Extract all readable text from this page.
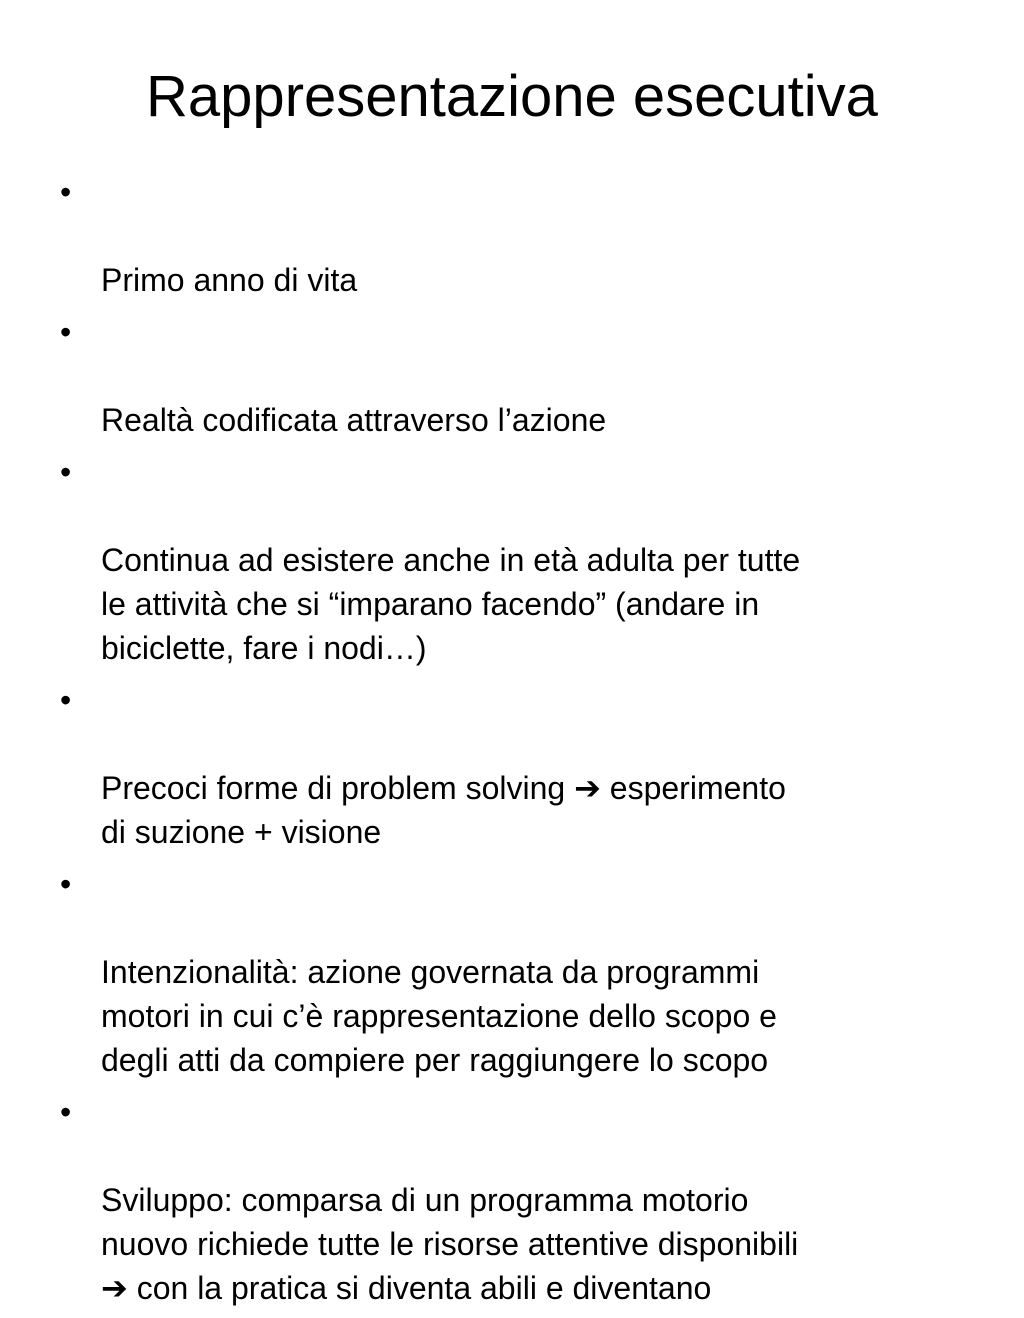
Rappresentazione esecutiva

•

Primo anno di vita

•

Realtà codificata attraverso l’azione

•

Continua ad esistere anche in età adulta per tutte
le attività che si “imparano facendo” (andare in
biciclette, fare i nodi…)

•

Precoci forme di problem solving ➔ esperimento
di suzione + visione

•

Intenzionalità: azione governata da programmi
motori in cui c’è rappresentazione dello scopo e
degli atti da compiere per raggiungere lo scopo

•

Sviluppo: comparsa di un programma motorio
nuovo richiede tutte le risorse attentive disponibili
➔ con la pratica si diventa abili e diventano
